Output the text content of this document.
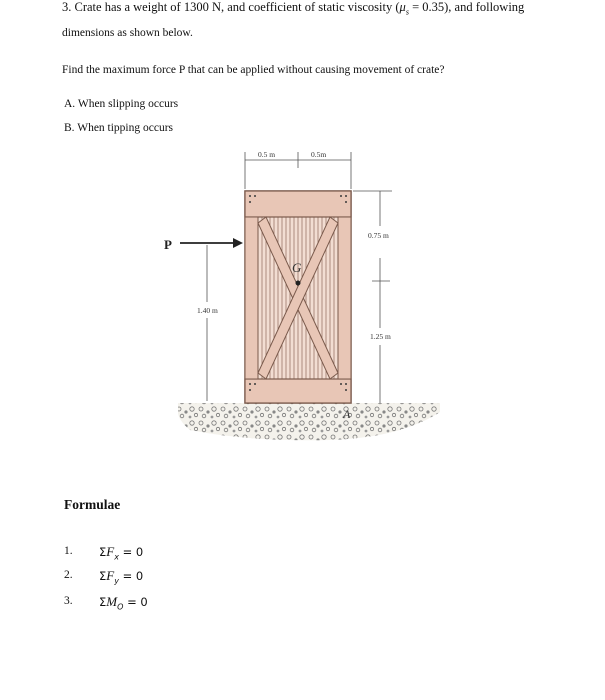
3. Crate has a weight of 1300 N, and coefficient of static viscosity $(\mu_s = 0.35)$, and following
dimensions as shown below.
Find the maximum force P that can be applied without causing movement of crate?
A. When slipping occurs
B. When tipping occurs
G
0.5 m	0.5m
0.75 m
1.25 m
P
1.40 m
A
Formulae
1. $\Sigma F_x = 0$
2. $\Sigma F_y = 0$
3. $\Sigma M_O = 0$
